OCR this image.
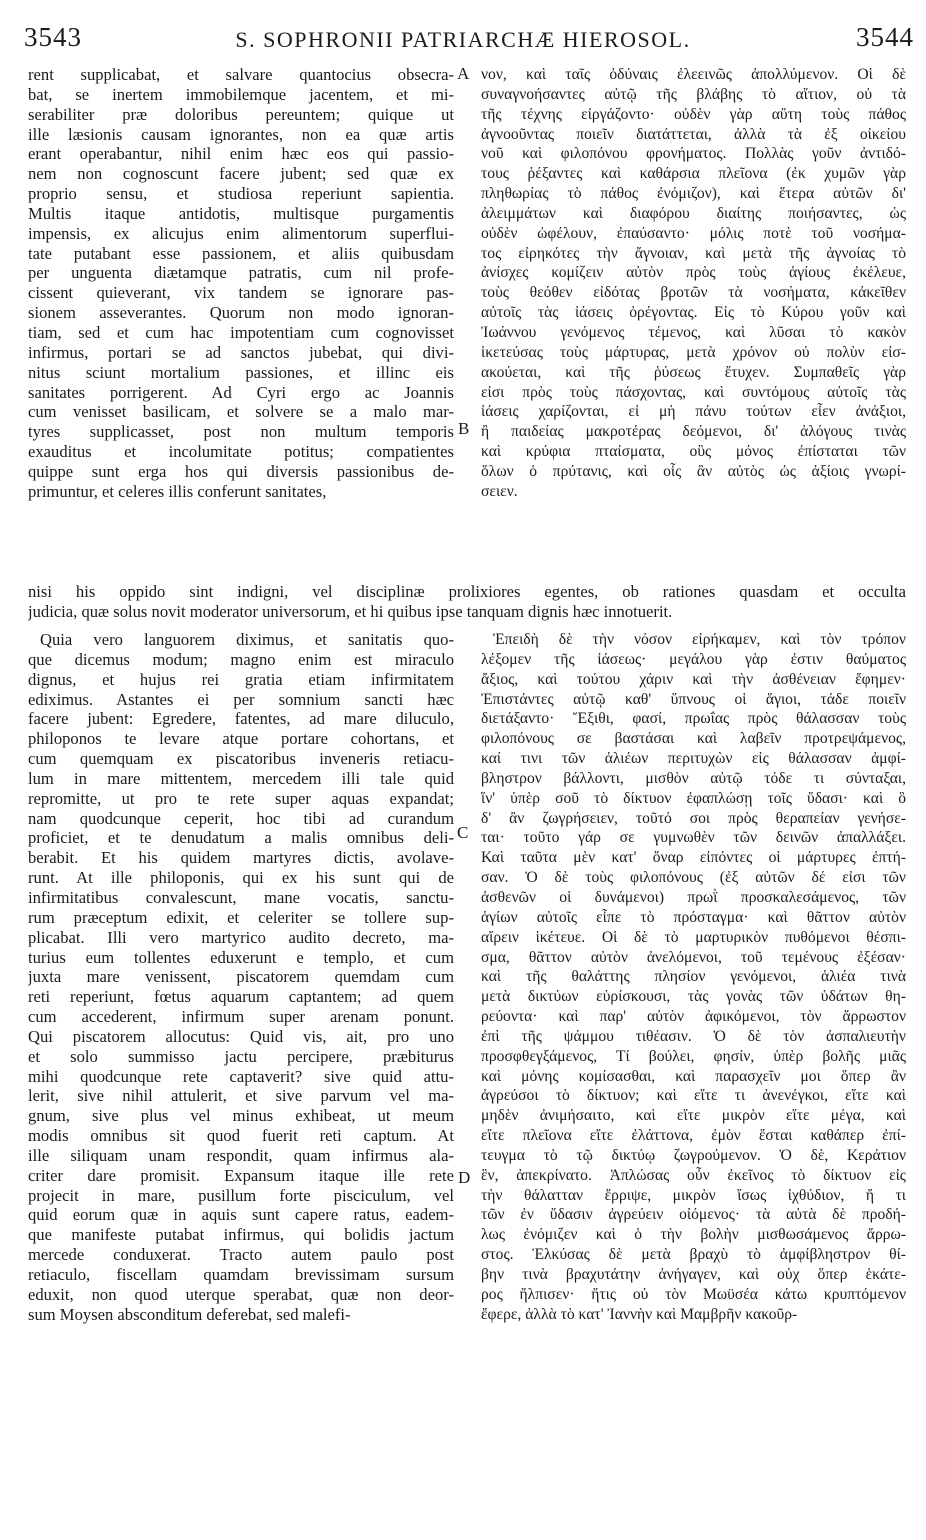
3543	S. SOPHRONII PATRIARCHÆ HIEROSOL.	3544
A
B
C
D
rent supplicabat, et salvare quantocius obsecra-
bat, se inertem immobilemque jacentem, et mi-
serabiliter præ doloribus pereuntem; quique ut
ille læsionis causam ignorantes, non ea quæ artis
erant operabantur, nihil enim hæc eos qui passio-
nem non cognoscunt facere jubent; sed quæ ex
proprio sensu, et studiosa reperiunt sapientia.
Multis itaque antidotis, multisque purgamentis
impensis, ex alicujus enim alimentorum superflui-
tate putabant esse passionem, et aliis quibusdam
per unguenta diætamque patratis, cum nil profe-
cissent quieverant, vix tandem se ignorare pas-
sionem asseverantes. Quorum non modo ignoran-
tiam, sed et cum hac impotentiam cum cognovisset
infirmus, portari se ad sanctos jubebat, qui divi-
nitus sciunt mortalium passiones, et illinc eis
sanitates porrigerent. Ad Cyri ergo ac Joannis
cum venisset basilicam, et solvere se a malo mar-
tyres supplicasset, post non multum temporis
exauditus et incolumitate potitus; compatientes
quippe sunt erga hos qui diversis passionibus de-
primuntur, et celeres illis conferunt sanitates,
νον, καὶ ταῖς ὀδύναις ἐλεεινῶς ἀπολλύμενον. Οἱ δὲ
συναγνοήσαντες αὐτῷ τῆς βλάβης τὸ αἴτιον, οὐ τὰ
τῆς τέχνης εἰργάζοντο· οὐδὲν γὰρ αὕτη τοὺς πάθος
ἀγνοοῦντας ποιεῖν διατάττεται, ἀλλὰ τὰ ἐξ οἰκείου
νοῦ καὶ φιλοπόνου φρονήματος. Πολλὰς γοῦν ἀντιδό-
τους ῥέξαντες καὶ καθάρσια πλεῖονα (ἐκ χυμῶν γὰρ
πληθωρίας τὸ πάθος ἐνόμιζον), καὶ ἕτερα αὐτῶν δι'
ἀλειμμάτων καὶ διαφόρου διαίτης ποιήσαντες, ὡς
οὐδὲν ὠφέλουν, ἐπαύσαντο· μόλις ποτὲ τοῦ νοσήμα-
τος εἰρηκότες τὴν ἄγνοιαν, καὶ μετὰ τῆς ἀγνοίας τὸ
ἀνίσχες κομίζειν αὐτὸν πρὸς τοὺς ἁγίους ἐκέλευε,
τοὺς θεόθεν εἰδότας βροτῶν τὰ νοσήματα, κἀκεῖθεν
αὐτοῖς τὰς ἰάσεις ὀρέγοντας. Εἰς τὸ Κύρου γοῦν καὶ
Ἰωάννου γενόμενος τέμενος, καὶ λῦσαι τὸ κακὸν
ἱκετεύσας τοὺς μάρτυρας, μετὰ χρόνον οὐ πολὺν εἰσ-
ακούεται, καὶ τῆς ῥύσεως ἔτυχεν. Συμπαθεῖς γὰρ
εἰσι πρὸς τοὺς πάσχοντας, καὶ συντόμους αὐτοῖς τὰς
ἰάσεις χαρίζονται, εἰ μὴ πάνυ τούτων εἶεν ἀνάξιοι,
ἢ παιδείας μακροτέρας δεόμενοι, δι' ἀλόγους τινὰς
καὶ κρύφια πταίσματα, οὓς μόνος ἐπίσταται τῶν
ὅλων ὁ πρύτανις, καὶ οἷς ἂν αὐτὸς ὡς ἀξίοις γνωρί-
σειεν.
nisi his oppido sint indigni, vel disciplinæ prolixiores egentes, ob rationes quasdam et occulta
judicia, quæ solus novit moderator universorum, et hi quibus ipse tanquam dignis hæc innotuerit.
Quia vero languorem diximus, et sanitatis quo-
que dicemus modum; magno enim est miraculo
dignus, et hujus rei gratia etiam infirmitatem
ediximus. Astantes ei per somnium sancti hæc
facere jubent: Egredere, fatentes, ad mare diluculo,
philoponos te levare atque portare cohortans, et
cum quemquam ex piscatoribus inveneris retiacu-
lum in mare mittentem, mercedem illi tale quid
repromitte, ut pro te rete super aquas expandat;
nam quodcunque ceperit, hoc tibi ad curandum
proficiet, et te denudatum a malis omnibus deli-
berabit. Et his quidem martyres dictis, avolave-
runt. At ille philoponis, qui ex his sunt qui de
infirmitatibus convalescunt, mane vocatis, sanctu-
rum præceptum edixit, et celeriter se tollere sup-
plicabat. Illi vero martyrico audito decreto, ma-
turius eum tollentes eduxerunt e templo, et cum
juxta mare venissent, piscatorem quemdam cum
reti reperiunt, fœtus aquarum captantem; ad quem
cum accederent, infirmum super arenam ponunt.
Qui piscatorem allocutus: Quid vis, ait, pro uno
et solo summisso jactu percipere, præbiturus
mihi quodcunque rete captaverit? sive quid attu-
lerit, sive nihil attulerit, et sive parvum vel ma-
gnum, sive plus vel minus exhibeat, ut meum
modis omnibus sit quod fuerit reti captum. At
ille siliquam unam respondit, quam infirmus ala-
criter dare promisit. Expansum itaque ille rete
projecit in mare, pusillum forte pisciculum, vel
quid eorum quæ in aquis sunt capere ratus, eadem-
que manifeste putabat infirmus, qui bolidis jactum
mercede conduxerat. Tracto autem paulo post
retiaculo, fiscellam quamdam brevissimam sursum
eduxit, non quod uterque sperabat, quæ non deor-
sum Moysen absconditum deferebat, sed malefi-
Ἐπειδὴ δὲ τὴν νόσον εἰρήκαμεν, καὶ τὸν τρόπον
λέξομεν τῆς ἰάσεως· μεγάλου γὰρ ἐστιν θαύματος
ἄξιος, καὶ τούτου χάριν καὶ τὴν ἀσθένειαν ἔφημεν·
Ἐπιστάντες αὐτῷ καθ' ὕπνους οἱ ἅγιοι, τάδε ποιεῖν
διετάξαντο· Ἔξιθι, φασί, πρωΐας πρὸς θάλασσαν τοὺς
φιλοπόνους σε βαστάσαι καὶ λαβεῖν προτρεψάμενος,
καί τινι τῶν ἁλιέων περιτυχὼν εἰς θάλασσαν ἀμφί-
βληστρον βάλλοντι, μισθὸν αὐτῷ τόδε τι σύνταξαι,
ἵν' ὑπὲρ σοῦ τὸ δίκτυον ἐφαπλώσῃ τοῖς ὕδασι· καὶ ὃ
δ' ἂν ζωγρήσειεν, τοῦτό σοι πρὸς θεραπείαν γενήσε-
ται· τοῦτο γάρ σε γυμνωθὲν τῶν δεινῶν ἀπαλλάξει.
Καὶ ταῦτα μὲν κατ' ὄναρ εἰπόντες οἱ μάρτυρες ἐπτή-
σαν. Ὁ δὲ τοὺς φιλοπόνους (ἐξ αὐτῶν δέ εἰσι τῶν
ἀσθενῶν οἱ δυνάμενοι) πρωῒ προσκαλεσάμενος, τῶν
ἁγίων αὐτοῖς εἶπε τὸ πρόσταγμα· καὶ θᾶττον αὐτὸν
αἴρειν ἱκέτευε. Οἱ δὲ τὸ μαρτυρικὸν πυθόμενοι θέσπι-
σμα, θᾶττον αὐτὸν ἀνελόμενοι, τοῦ τεμένους ἐξέσαν·
καὶ τῆς θαλάττης πλησίον γενόμενοι, ἁλιέα τινὰ
μετὰ δικτύων εὑρίσκουσι, τὰς γονὰς τῶν ὑδάτων θη-
ρεύοντα· καὶ παρ' αὐτὸν ἀφικόμενοι, τὸν ἄρρωστον
ἐπὶ τῆς ψάμμου τιθέασιν. Ὁ δὲ τὸν ἀσπαλιευτὴν
προσφθεγξάμενος, Τί βούλει, φησίν, ὑπὲρ βολῆς μιᾶς
καὶ μόνης κομίσασθαι, καὶ παρασχεῖν μοι ὅπερ ἂν
ἀγρεύσοι τὸ δίκτυον; καὶ εἴτε τι ἀνενέγκοι, εἴτε καὶ
μηδὲν ἀνιμήσαιτο, καὶ εἴτε μικρὸν εἴτε μέγα, καὶ
εἴτε πλεῖονα εἴτε ἐλάττονα, ἐμὸν ἔσται καθάπερ ἐπί-
τευγμα τὸ τῷ δικτύῳ ζωγρούμενον. Ὁ δὲ, Κεράτιον
ἓν, ἀπεκρίνατο. Ἁπλώσας οὖν ἐκεῖνος τὸ δίκτυον εἰς
τὴν θάλατταν ἔρριψε, μικρὸν ἴσως ἰχθύδιον, ἤ τι
τῶν ἐν ὕδασιν ἀγρεύειν οἰόμενος· τὰ αὐτὰ δὲ προδή-
λως ἐνόμιζεν καὶ ὁ τὴν βολὴν μισθωσάμενος ἄρρω-
στος. Ἑλκύσας δὲ μετὰ βραχὺ τὸ ἀμφίβληστρον θί-
βην τινὰ βραχυτάτην ἀνήγαγεν, καὶ οὐχ ὅπερ ἑκάτε-
ρος ἤλπισεν· ἥτις οὐ τὸν Μωϋσέα κάτω κρυπτόμενον
ἔφερε, ἀλλὰ τὸ κατ' Ἰαννὴν καὶ Μαμβρῆν κακοῦρ-
